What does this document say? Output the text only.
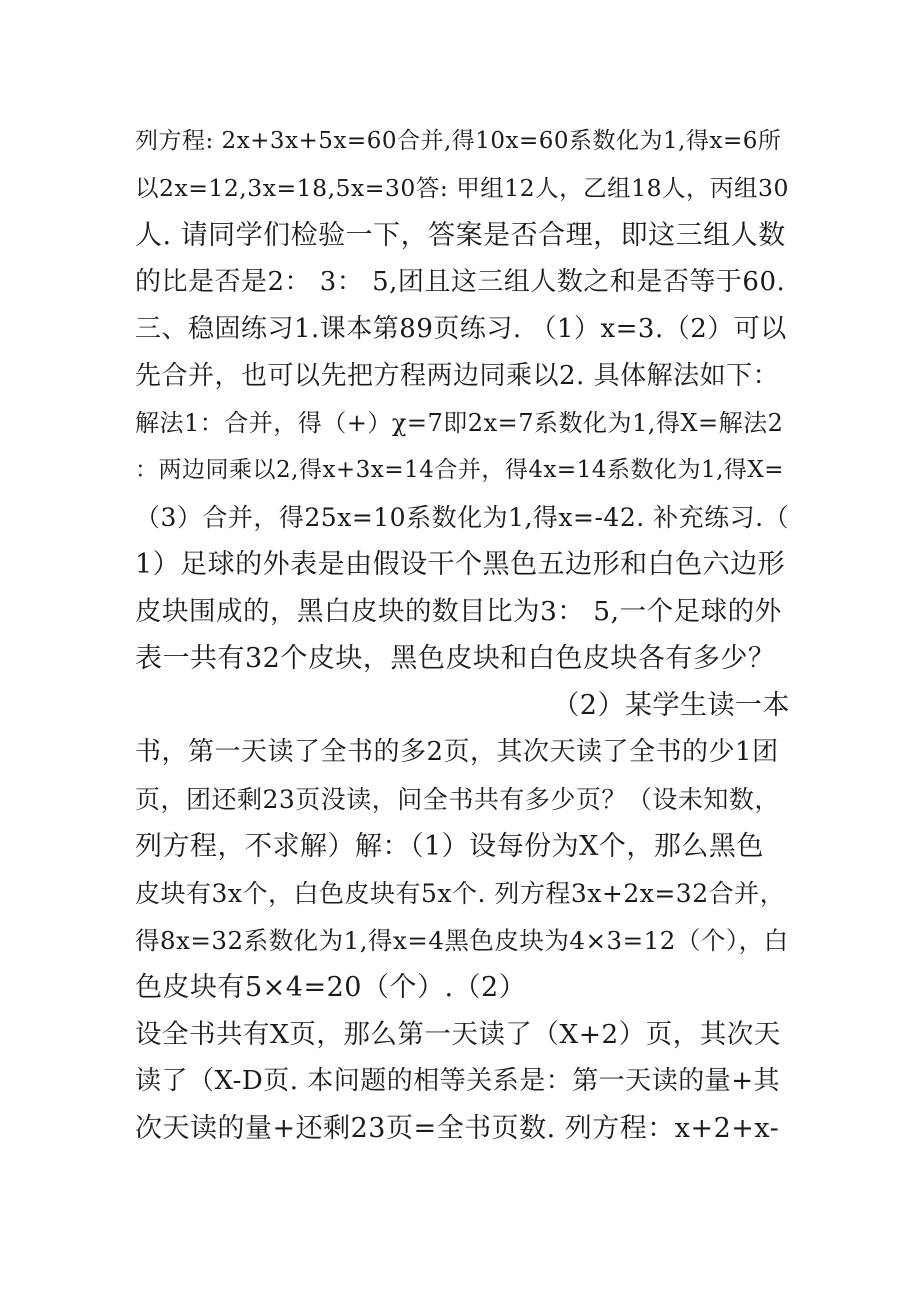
列方程: 2x+3x+5x=60合并,得10x=60系数化为1,得x=6所
以2x=12,3x=18,5x=30答: 甲组12人，乙组18人，丙组30
人. 请同学们检验一下，答案是否合理，即这三组人数
的比是否是2： 3： 5,团且这三组人数之和是否等于60.
三、稳固练习1.课本第89页练习. （1）x=3.（2）可以
先合并，也可以先把方程两边同乘以2. 具体解法如下：
解法1：合并，得（+）χ=7即2x=7系数化为1,得X=解法2
：两边同乘以2,得x+3x=14合并，得4x=14系数化为1,得X=
（3）合并，得25x=10系数化为1,得x=-42. 补充练习.（
1）足球的外表是由假设干个黑色五边形和白色六边形
皮块围成的，黑白皮块的数目比为3： 5,一个足球的外
表一共有32个皮块，黑色皮块和白色皮块各有多少？
（2）某学生读一本
书，第一天读了全书的多2页，其次天读了全书的少1团
页，团还剩23页没读，问全书共有多少页？（设未知数，
列方程，不求解）解：（1）设每份为X个，那么黑色
皮块有3x个，白色皮块有5x个. 列方程3x+2x=32合并，
得8x=32系数化为1,得x=4黑色皮块为4×3=12（个），白
色皮块有5×4=20（个）.（2）
设全书共有X页，那么第一天读了（X+2）页，其次天
读了（X-D页. 本问题的相等关系是：第一天读的量+其
次天读的量+还剩23页=全书页数. 列方程：x+2+x-
